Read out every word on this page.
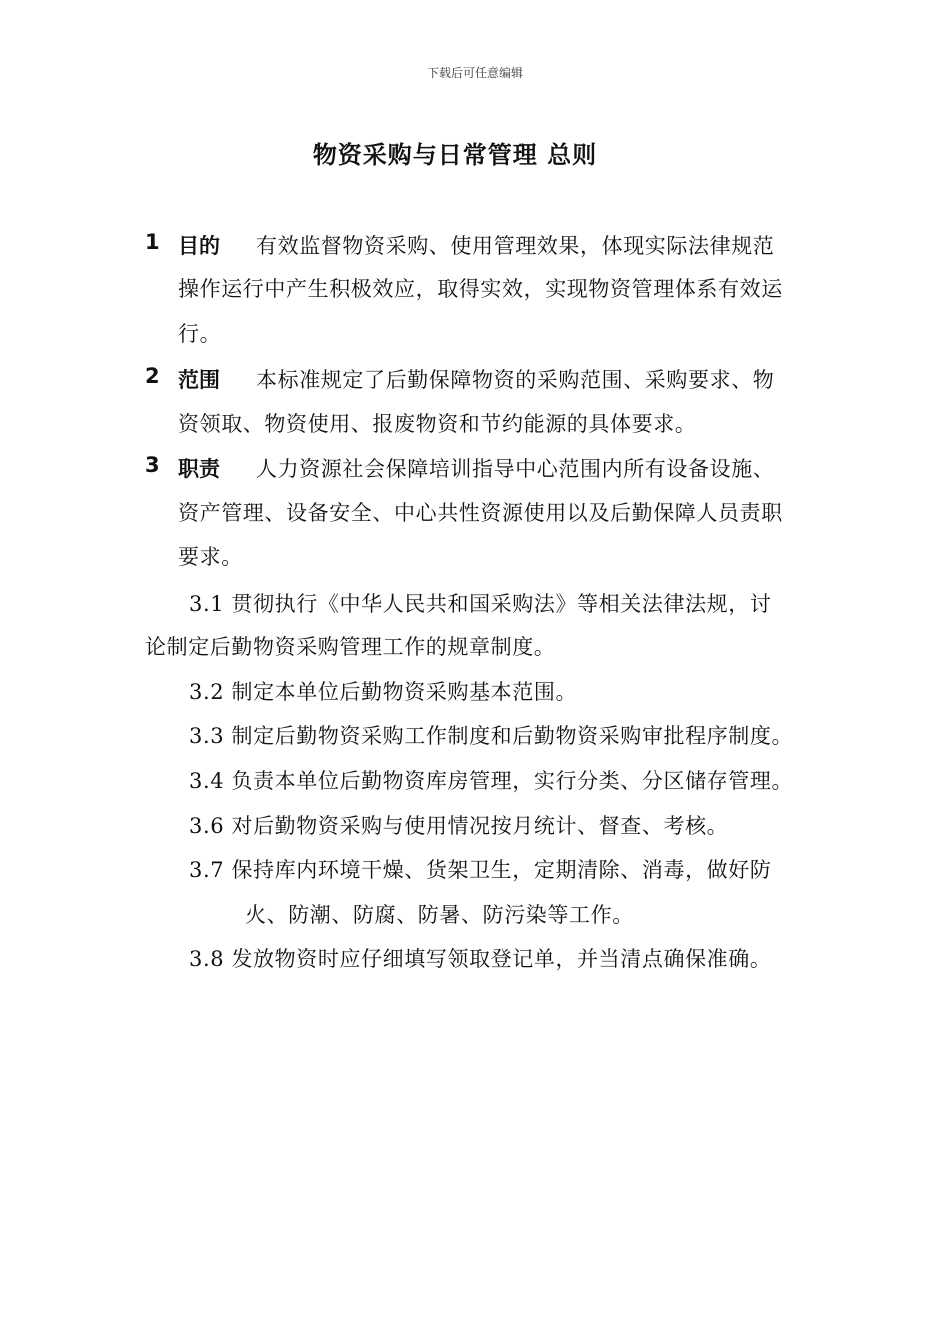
下载后可任意编辑
物资采购与日常管理 总则
1 目的 有效监督物资采购、使用管理效果，体现实际法律规范
操作运行中产生积极效应，取得实效，实现物资管理体系有效运
行。
2 范围 本标准规定了后勤保障物资的采购范围、采购要求、物
资领取、物资使用、报废物资和节约能源的具体要求。
3 职责 人力资源社会保障培训指导中心范围内所有设备设施、
资产管理、设备安全、中心共性资源使用以及后勤保障人员责职
要求。
3.1 贯彻执行《中华人民共和国采购法》等相关法律法规，讨
论制定后勤物资采购管理工作的规章制度。
3.2 制定本单位后勤物资采购基本范围。
3.3 制定后勤物资采购工作制度和后勤物资采购审批程序制度。
3.4 负责本单位后勤物资库房管理，实行分类、分区储存管理。
3.6 对后勤物资采购与使用情况按月统计、督查、考核。
3.7 保持库内环境干燥、货架卫生，定期清除、消毒，做好防
火、防潮、防腐、防暑、防污染等工作。
3.8 发放物资时应仔细填写领取登记单，并当清点确保准确。
